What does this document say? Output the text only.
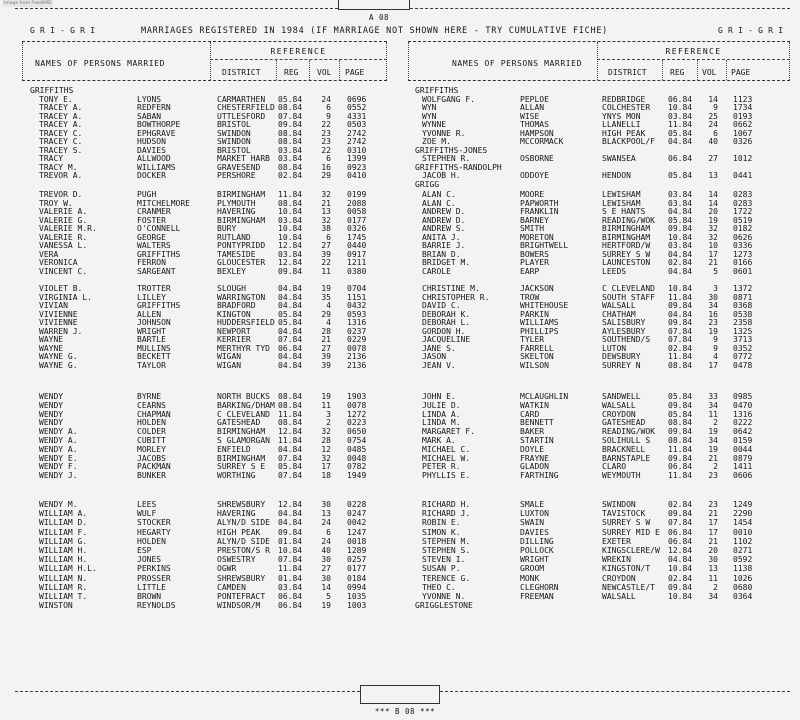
Image from FreeBMD

A 08

G R I - G R I	MARRIAGES REGISTERED IN 1984 (IF MARRIAGE NOT SHOWN HERE - TRY CUMULATIVE FICHE)	G R I - G R I
NAMES OF PERSONS MARRIED
REFERENCE
DISTRICT	REG VOL PAGE
NAMES OF PERSONS MARRIED
REFERENCE
DISTRICT	REG VOL PAGE
GRIFFITHS
TONY E.	LYONS	CARMARTHEN 05.84	24 0696
TRACEY A.	REDFERN	CHESTERFIELD 08.84	6 0552
TRACEY A.	SABAN	UTTLESFORD 07.84	9 4331
TRACEY A.	BOWTHORPE	BRISTOL	09.84	22 0503
TRACEY C.	EPHGRAVE	SWINDON	08.84	23 2742
TRACEY C.	HUDSON	SWINDON	08.84	23 2742
TRACEY S.	DAVIES	BRISTOL	03.84	22 0310
TRACY	ALLWOOD	MARKET HARB 03.84	6 1399
TRACY M.	WILLIAMS	GRAVESEND 08.84	16 0923
TREVOR A.	DOCKER	PERSHORE	02.84	29 0410
TREVOR D.	PUGH	BIRMINGHAM 11.84	32 0199
TROY W.	MITCHELMORE	PLYMOUTH	08.84	21 2088
VALERIE A.	CRANMER	HAVERING	10.84	13 0058
VALERIE G.	FOSTER	BIRMINGHAM 03.84	32 0177
VALERIE M.R.	O'CONNELL	BURY	10.84	38 0326
VALERIE R.	GEORGE	RUTLAND	10.84	6 1745
VANESSA L.	WALTERS	PONTYPRIDD 12.84	27 0440
VERA	GRIFFITHS	TAMESIDE	03.84	39 0917
VERONICA	FERRON	GLOUCESTER 12.84	22 1211
VINCENT C.	SARGEANT	BEXLEY	09.84	11 0380
VIOLET B.	TROTTER	SLOUGH	04.84	19 0704
VIRGINIA L.	LILLEY	WARRINGTON 04.84	35 1151
VIVIAN	GRIFFITHS	BRADFORD	04.84	4 0432
VIVIENNE	ALLEN	KINGTON	05.84	29 0593
VIVIENNE	JOHNSON	HUDDERSFIELD 05.84	4 1316
WARREN J.	WRIGHT	NEWPORT	04.84	28 0237
WAYNE	BARTLE	KERRIER	07.84	21 0229
WAYNE	MULLINS	MERTHYR TYD 06.84	27 0078
WAYNE G.	BECKETT	WIGAN	04.84	39 2136
WAYNE G.	TAYLOR	WIGAN	04.84	39 2136
WENDY	BYRNE	NORTH BUCKS 08.84	19 1903
WENDY	CEARNS	BARKING/DHAM 08.84	11 0078
WENDY	CHAPMAN	C CLEVELAND 11.84	3 1272
WENDY	HOLDEN	GATESHEAD 08.84	2 0223
WENDY A.	COLDER	BIRMINGHAM 12.84	32 0650
WENDY A.	CUBITT	S GLAMORGAN 11.84	28 0754
WENDY A.	MORLEY	ENFIELD	04.84	12 0485
WENDY E.	JACOBS	BIRMINGHAM 07.84	32 0048
WENDY F.	PACKMAN	SURREY S E 05.84	17 0782
WENDY J.	BUNKER	WORTHING	07.84	18 1949
WENDY M.	LEES	SHREWSBURY 12.84	30 0228
WILLIAM A.	WULF	HAVERING	04.84	13 0247
WILLIAM D.	STOCKER	ALYN/D SIDE 04.84	24 0042
WILLIAM F.	HEGARTY	HIGH PEAK 09.84	6 1247
WILLIAM G.	HOLDEN	ALYN/D SIDE 01.84	24 0018
WILLIAM H.	ESP	PRESTON/S R 10.84	40 1289
WILLIAM H.	JONES	OSWESTRY	07.84	30 0257
WILLIAM H.L.	PERKINS	OGWR	11.84	27 0177
WILLIAM N.	PROSSER	SHREWSBURY 01.84	30 0184
WILLIAM R.	LITTLE	CAMDEN	03.84	14 0994
WILLIAM T.	BROWN	PONTEFRACT 06.84	5 1035
WINSTON	REYNOLDS	WINDSOR/M 06.84	19 1003
GRIFFITHS
WOLFGANG F.	PEPLOE	REDBRIDGE	06.84	14 1123
WYN	ALLAN	COLCHESTER 10.84	9 1734
WYN	WISE	YNYS MON	03.84	25 0193
WYNNE	THOMAS	LLANELLI	11.84	24 0662
YVONNE R.	HAMPSON	HIGH PEAK	05.84	6 1067
ZOE M.	MCCORMACK	BLACKPOOL/F 04.84	40 0326
GRIFFITHS-JONES
STEPHEN R.	OSBORNE	SWANSEA	06.84	27 1012
GRIFFITHS-RANDOLPH
JACOB H.	ODDOYE	HENDON	05.84	13 0441
GRIGG
ALAN C.	MOORE	LEWISHAM	03.84	14 0283
ALAN C.	PAPWORTH	LEWISHAM	03.84	14 0283
ANDREW D.	FRANKLIN	S E HANTS	04.84	20 1722
ANDREW D.	BARNEY	READING/WOK 05.84	19 0519
ANDREW S.	SMITH	BIRMINGHAM 09.84	32 0182
ANITA J.	MORETON	BIRMINGHAM 10.84	32 0626
BARRIE J.	BRIGHTWELL	HERTFORD/W 03.84	10 0336
BRIAN D.	BOWERS	SURREY S W 04.84	17 1273
BRIDGET M.	PLAYER	LAUNCESTON 02.84	21 0166
CAROLE	EARP	LEEDS	04.84	5 0601
CHRISTINE M.	JACKSON	C CLEVELAND 10.84	3 1372
CHRISTOPHER R.	TROW	SOUTH STAFF 11.84	30 0871
DAVID C.	WHITEHOUSE	WALSALL	09.84	34 0368
DEBORAH K.	PARKIN	CHATHAM	04.84	16 0538
DEBORAH L.	WILLIAMS	SALISBURY	09.84	23 2358
GORDON H.	PHILLIPS	AYLESBURY	07.84	19 1325
JACQUELINE	TYLER	SOUTHEND/S 07.84	9 3713
JANE S.	FARRELL	LUTON	02.84	9 0352
JASON	SKELTON	DEWSBURY	11.84	4 0772
JEAN V.	WILSON	SURREY N	08.84	17 0478
JOHN E.	MCLAUGHLIN	SANDWELL	05.84	33 0985
JULIE D.	WATKIN	WALSALL	09.84	34 0470
LINDA A.	CARD	CROYDON	05.84	11 1316
LINDA M.	BENNETT	GATESHEAD	08.84	2 0222
MARGARET F.	BAKER	READING/WOK 09.84	19 0642
MARK A.	STARTIN	SOLIHULL S 08.84	34 0159
MICHAEL C.	DOYLE	BRACKNELL	11.84	19 0044
MICHAEL W.	FRAYNE	BARNSTAPLE 09.84	21 0879
PETER R.	GLADON	CLARO	06.84	2 1411
PHYLLIS E.	FARTHING	WEYMOUTH	11.84	23 0606
RICHARD H.	SMALE	SWINDON	02.84	23 1249
RICHARD J.	LUXTON	TAVISTOCK	09.84	21 2290
ROBIN E.	SWAIN	SURREY S W 07.84	17 1454
SIMON K.	DAVIES	SURREY MID E 06.84	17 0010
STEPHEN M.	DILLING	EXETER	06.84	21 1102
STEPHEN S.	POLLOCK	KINGSCLERE/W 12.84	20 0271
STEVEN I.	WRIGHT	WREKIN	04.84	30 0592
SUSAN P.	GROOM	KINGSTON/T 10.84	13 1138
TERENCE G.	MONK	CROYDON	02.84	11 1026
THEO C.	CLEGHORN	NEWCASTLE/T 09.84	2 0680
YVONNE N.	FREEMAN	WALSALL	10.84	34 0364
GRIGGLESTONE

*** B 08 ***
